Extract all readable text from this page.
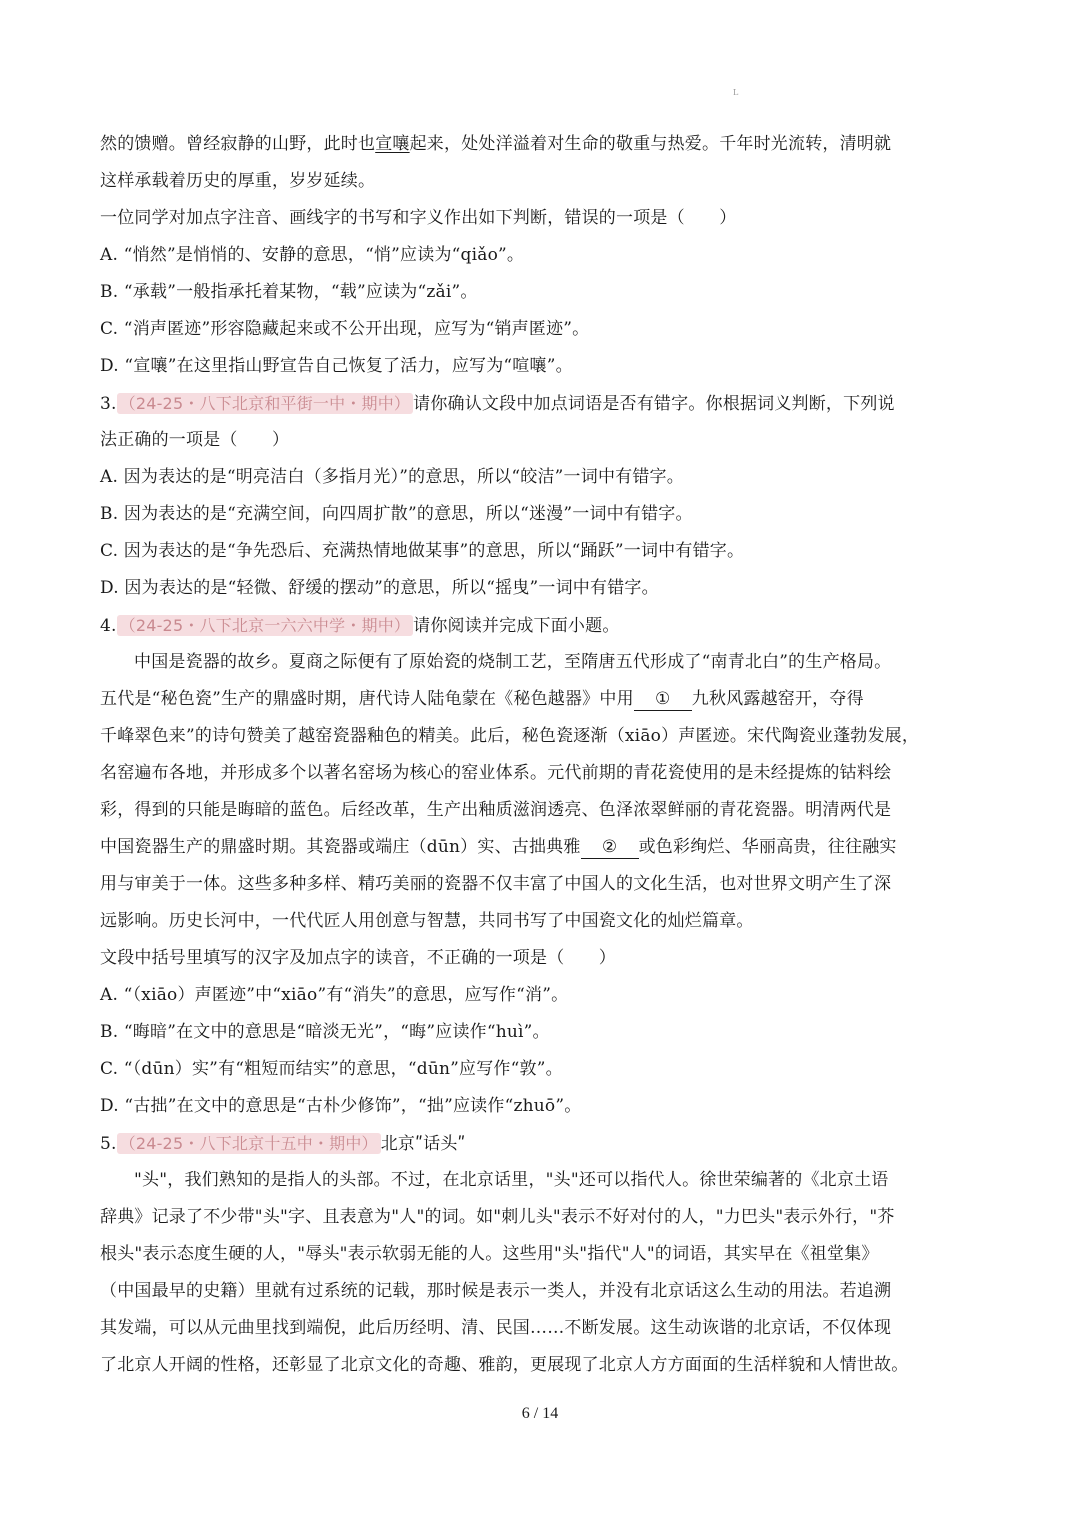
L
然的馈赠。曾经寂静的山野，此时也宣嚷起来，处处洋溢着对生命的敬重与热爱。千年时光流转，清明就
这样承载着历史的厚重，岁岁延续。
一位同学对加点字注音、画线字的书写和字义作出如下判断，错误的一项是（　　）
A. “悄然”是悄悄的、安静的意思，“悄”应读为“qiǎo”。
B. “承载”一般指承托着某物，“载”应读为“zǎi”。
C. “消声匿迹”形容隐藏起来或不公开出现，应写为“销声匿迹”。
D. “宣嚷”在这里指山野宣告自己恢复了活力，应写为“喧嚷”。
3. （24-25・八下北京和平街一中・期中） 请你确认文段中加点词语是否有错字。你根据词义判断，下列说
法正确的一项是（　　）
A. 因为表达的是“明亮洁白（多指月光）”的意思，所以“皎洁”一词中有错字。
B. 因为表达的是“充满空间，向四周扩散”的意思，所以“迷漫”一词中有错字。
C. 因为表达的是“争先恐后、充满热情地做某事”的意思，所以“踊跃”一词中有错字。
D. 因为表达的是“轻微、舒缓的摆动”的意思，所以“摇曳”一词中有错字。
4. （24-25・八下北京一六六中学・期中） 请你阅读并完成下面小题。
中国是瓷器的故乡。夏商之际便有了原始瓷的烧制工艺，至隋唐五代形成了“南青北白”的生产格局。
五代是“秘色瓷”生产的鼎盛时期，唐代诗人陆龟蒙在《秘色越器》中用 ① 九秋风露越窑开，夺得
千峰翠色来”的诗句赞美了越窑瓷器釉色的精美。此后，秘色瓷逐渐（xiāo）声匿迹。宋代陶瓷业蓬勃发展，
名窑遍布各地，并形成多个以著名窑场为核心的窑业体系。元代前期的青花瓷使用的是未经提炼的钴料绘
彩，得到的只能是晦暗的蓝色。后经改革，生产出釉质滋润透亮、色泽浓翠鲜丽的青花瓷器。明清两代是
中国瓷器生产的鼎盛时期。其瓷器或端庄（dūn）实、古拙典雅 ② 或色彩绚烂、华丽高贵，往往融实
用与审美于一体。这些多种多样、精巧美丽的瓷器不仅丰富了中国人的文化生活，也对世界文明产生了深
远影响。历史长河中，一代代匠人用创意与智慧，共同书写了中国瓷文化的灿烂篇章。
文段中括号里填写的汉字及加点字的读音，不正确的一项是（　　）
A. “（xiāo）声匿迹”中“xiāo”有“消失”的意思，应写作“消”。
B. “晦暗”在文中的意思是“暗淡无光”，“晦”应读作“huì”。
C. “（dūn）实”有“粗短而结实”的意思，“dūn”应写作“敦”。
D. “古拙”在文中的意思是“古朴少修饰”，“拙”应读作“zhuō”。
5. （24-25・八下北京十五中・期中） 北京ʺ话头ʺ
"头"，我们熟知的是指人的头部。不过，在北京话里，"头"还可以指代人。徐世荣编著的《北京土语
辞典》记录了不少带"头"字、且表意为"人"的词。如"刺儿头"表示不好对付的人，"力巴头"表示外行，"芥
根头"表示态度生硬的人，"辱头"表示软弱无能的人。这些用"头"指代"人"的词语，其实早在《祖堂集》
（中国最早的史籍）里就有过系统的记载，那时候是表示一类人，并没有北京话这么生动的用法。若追溯
其发端，可以从元曲里找到端倪，此后历经明、清、民国……不断发展。这生动诙谐的北京话，不仅体现
了北京人开阔的性格，还彰显了北京文化的奇趣、雅韵，更展现了北京人方方面面的生活样貌和人情世故。
6 / 14
